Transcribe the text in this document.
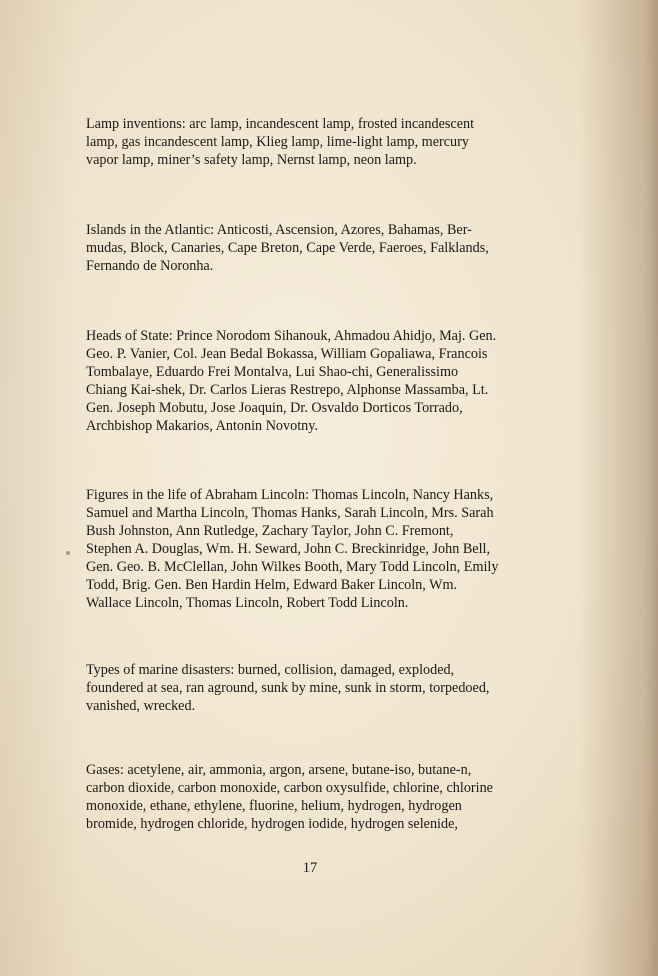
Lamp inventions: arc lamp, incandescent lamp, frosted incandescent
lamp, gas incandescent lamp, Klieg lamp, lime-light lamp, mercury
vapor lamp, miner’s safety lamp, Nernst lamp, neon lamp.

Islands in the Atlantic: Anticosti, Ascension, Azores, Bahamas, Ber-
mudas, Block, Canaries, Cape Breton, Cape Verde, Faeroes, Falklands,
Fernando de Noronha.

Heads of State: Prince Norodom Sihanouk, Ahmadou Ahidjo, Maj. Gen.
Geo. P. Vanier, Col. Jean Bedal Bokassa, William Gopaliawa, Francois
Tombalaye, Eduardo Frei Montalva, Lui Shao-chi, Generalissimo
Chiang Kai-shek, Dr. Carlos Lieras Restrepo, Alphonse Massamba, Lt.
Gen. Joseph Mobutu, Jose Joaquin, Dr. Osvaldo Dorticos Torrado,
Archbishop Makarios, Antonin Novotny.

Figures in the life of Abraham Lincoln: Thomas Lincoln, Nancy Hanks,
Samuel and Martha Lincoln, Thomas Hanks, Sarah Lincoln, Mrs. Sarah
Bush Johnston, Ann Rutledge, Zachary Taylor, John C. Fremont,
Stephen A. Douglas, Wm. H. Seward, John C. Breckinridge, John Bell,
Gen. Geo. B. McClellan, John Wilkes Booth, Mary Todd Lincoln, Emily
Todd, Brig. Gen. Ben Hardin Helm, Edward Baker Lincoln, Wm.
Wallace Lincoln, Thomas Lincoln, Robert Todd Lincoln.

Types of marine disasters: burned, collision, damaged, exploded,
foundered at sea, ran aground, sunk by mine, sunk in storm, torpedoed,
vanished, wrecked.

Gases: acetylene, air, ammonia, argon, arsene, butane-iso, butane-n,
carbon dioxide, carbon monoxide, carbon oxysulfide, chlorine, chlorine
monoxide, ethane, ethylene, fluorine, helium, hydrogen, hydrogen
bromide, hydrogen chloride, hydrogen iodide, hydrogen selenide,

17
